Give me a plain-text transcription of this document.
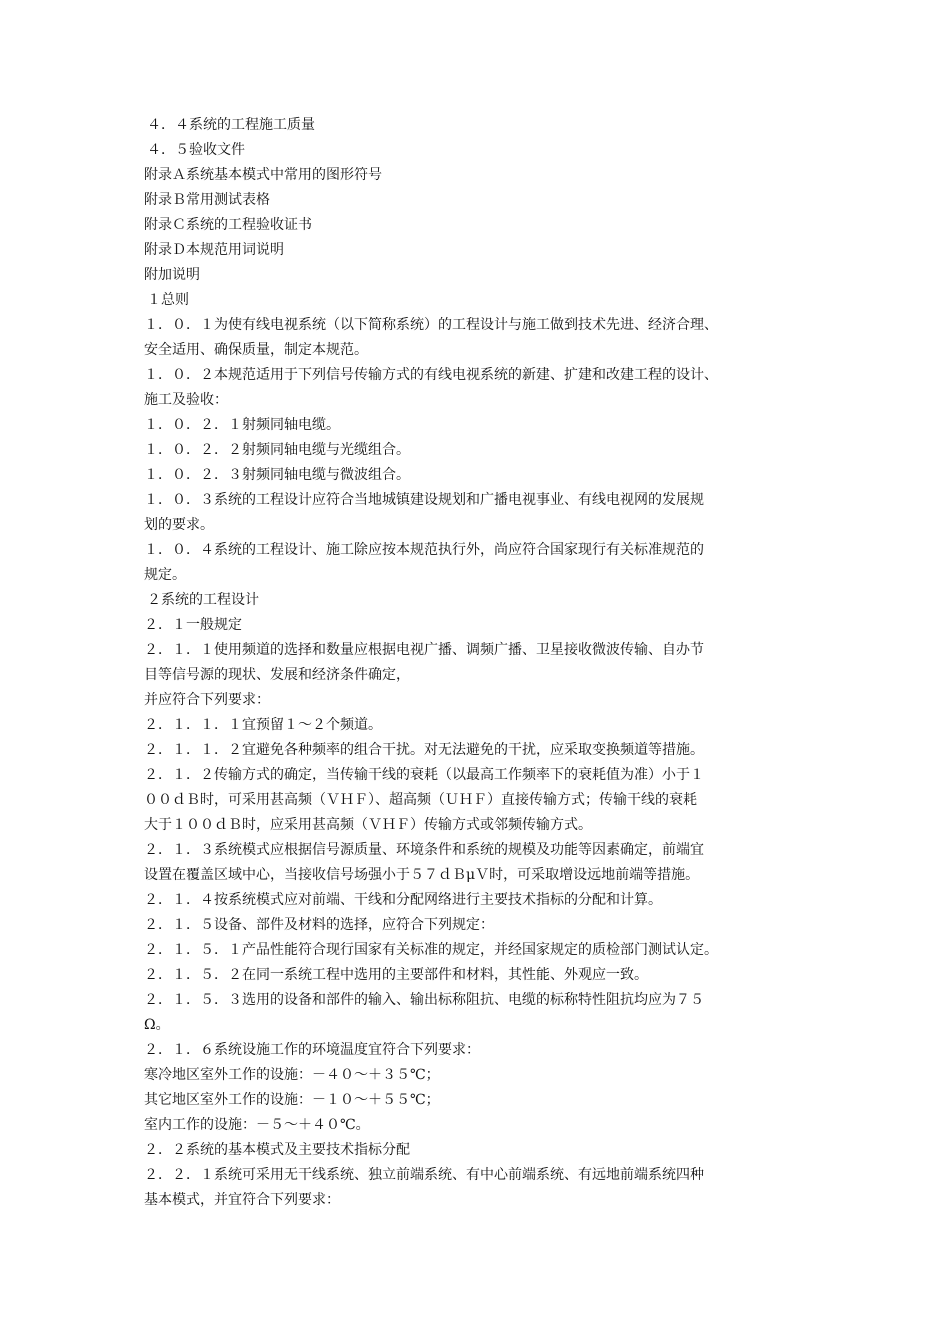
４．４系统的工程施工质量

４．５验收文件

附录Ａ系统基本模式中常用的图形符号

附录Ｂ常用测试表格

附录Ｃ系统的工程验收证书

附录Ｄ本规范用词说明

附加说明

１总则

１．０．１为使有线电视系统（以下简称系统）的工程设计与施工做到技术先进、经济合理、

安全适用、确保质量，制定本规范。

１．０．２本规范适用于下列信号传输方式的有线电视系统的新建、扩建和改建工程的设计、

施工及验收：

１．０．２．１射频同轴电缆。

１．０．２．２射频同轴电缆与光缆组合。

１．０．２．３射频同轴电缆与微波组合。

１．０．３系统的工程设计应符合当地城镇建设规划和广播电视事业、有线电视网的发展规

划的要求。

１．０．４系统的工程设计、施工除应按本规范执行外，尚应符合国家现行有关标准规范的

规定。

２系统的工程设计

２．１一般规定

２．１．１使用频道的选择和数量应根据电视广播、调频广播、卫星接收微波传输、自办节

目等信号源的现状、发展和经济条件确定，

并应符合下列要求：

２．１．１．１宜预留１～２个频道。

２．１．１．２宜避免各种频率的组合干扰。对无法避免的干扰，应采取变换频道等措施。

２．１．２传输方式的确定，当传输干线的衰耗（以最高工作频率下的衰耗值为准）小于１

００ｄＢ时，可采用甚高频（ＶＨＦ）、超高频（ＵＨＦ）直接传输方式；传输干线的衰耗

大于１００ｄＢ时，应采用甚高频（ＶＨＦ）传输方式或邻频传输方式。

２．１．３系统模式应根据信号源质量、环境条件和系统的规模及功能等因素确定，前端宜

设置在覆盖区域中心，当接收信号场强小于５７ｄＢμＶ时，可采取增设远地前端等措施。

２．１．４按系统模式应对前端、干线和分配网络进行主要技术指标的分配和计算。

２．１．５设备、部件及材料的选择，应符合下列规定：

２．１．５．１产品性能符合现行国家有关标准的规定，并经国家规定的质检部门测试认定。

２．１．５．２在同一系统工程中选用的主要部件和材料，其性能、外观应一致。

２．１．５．３选用的设备和部件的输入、输出标称阻抗、电缆的标称特性阻抗均应为７５

Ω。

２．１．６系统设施工作的环境温度宜符合下列要求：

寒冷地区室外工作的设施：－４０～＋３５℃；

其它地区室外工作的设施：－１０～＋５５℃；

室内工作的设施：－５～＋４０℃。

２．２系统的基本模式及主要技术指标分配

２．２．１系统可采用无干线系统、独立前端系统、有中心前端系统、有远地前端系统四种

基本模式，并宜符合下列要求：
